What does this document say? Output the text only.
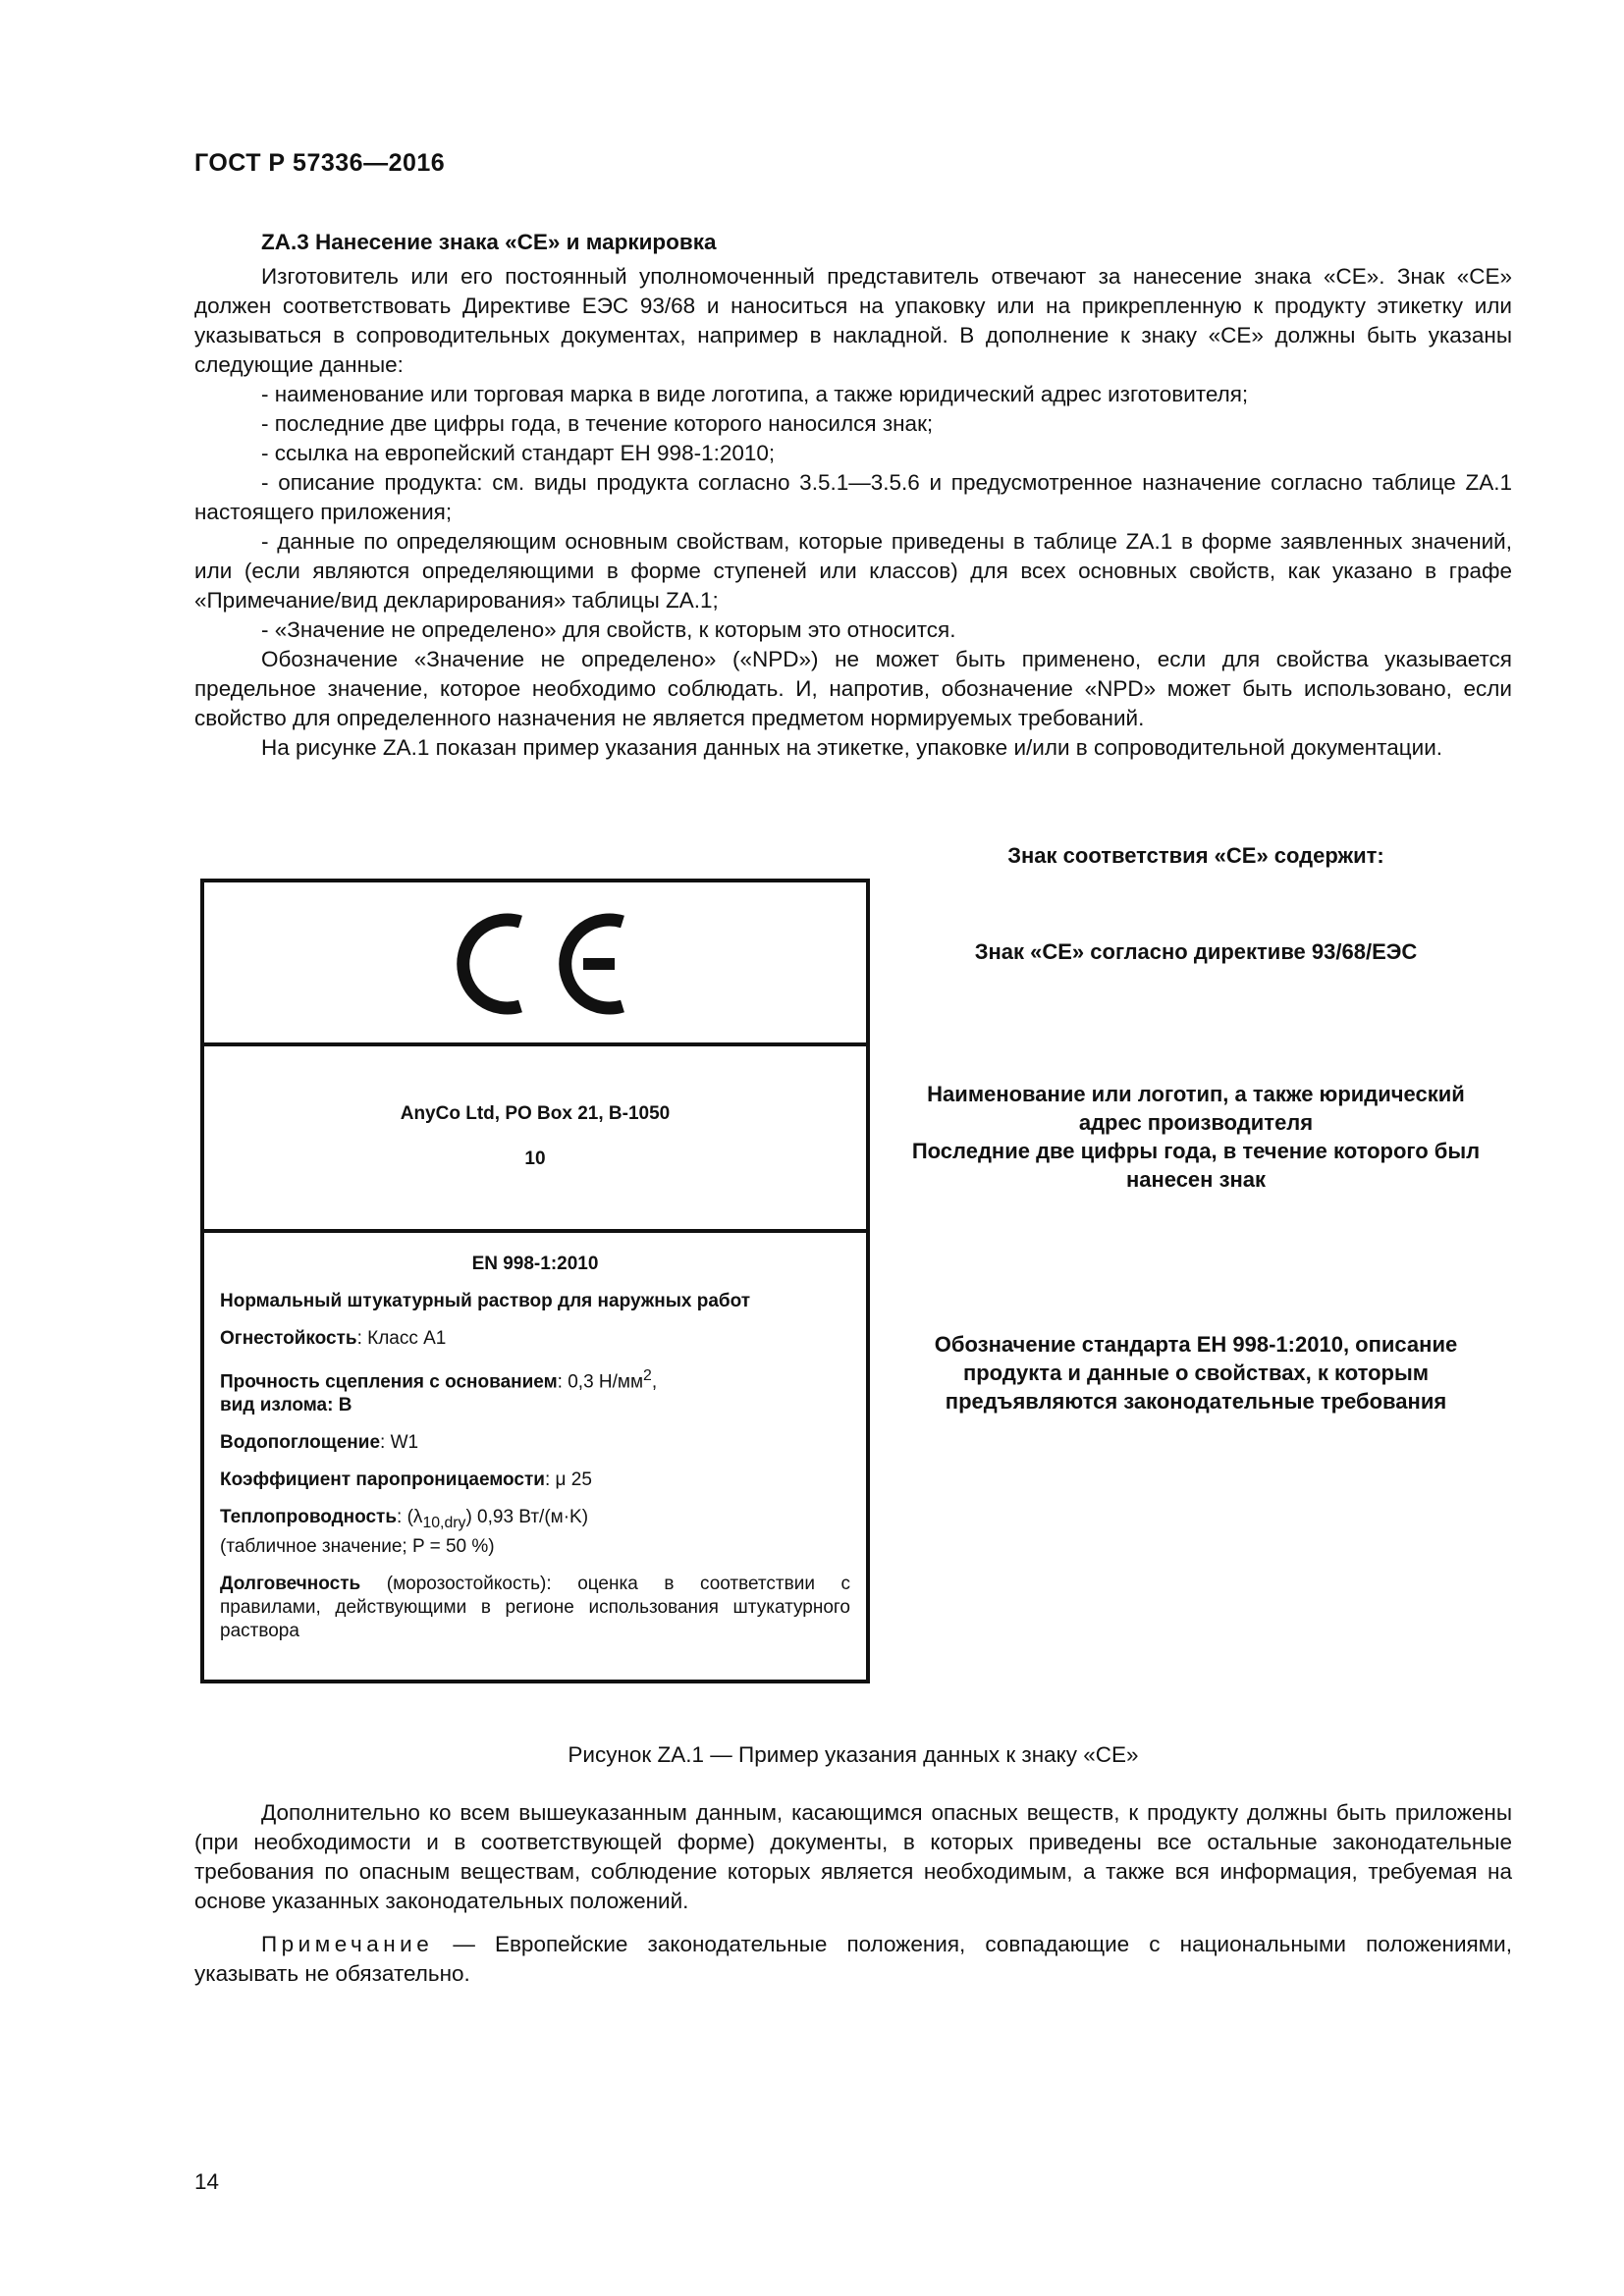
ГОСТ Р 57336—2016

ZA.3 Нанесение знака «СЕ» и маркировка

Изготовитель или его постоянный уполномоченный представитель отвечают за нанесение знака «СЕ». Знак «СЕ» должен соответствовать Директиве ЕЭС 93/68 и наноситься на упаковку или на прикрепленную к продукту этикетку или указываться в сопроводительных документах, например в накладной. В дополнение к знаку «СЕ» должны быть указаны следующие данные:

- наименование или торговая марка в виде логотипа, а также юридический адрес изготовителя;

- последние две цифры года, в течение которого наносился знак;

- ссылка на европейский стандарт ЕН 998-1:2010;

- описание продукта: см. виды продукта согласно 3.5.1—3.5.6 и предусмотренное назначение согласно таблице ZA.1 настоящего приложения;

- данные по определяющим основным свойствам, которые приведены в таблице ZA.1 в форме заявленных значений, или (если являются определяющими в форме ступеней или классов) для всех основных свойств, как указано в графе «Примечание/вид декларирования» таблицы ZA.1;

- «Значение не определено» для свойств, к которым это относится.

Обозначение «Значение не определено» («NPD») не может быть применено, если для свойства указывается предельное значение, которое необходимо соблюдать. И, напротив, обозначение «NPD» может быть использовано, если свойство для определенного назначения не является предметом нормируемых требований.

На рисунке ZA.1 показан пример указания данных на этикетке, упаковке и/или в сопроводительной документации.

Знак соответствия «СЕ» содержит:
Знак «СЕ» согласно директиве 93/68/ЕЭС
Наименование или логотип, а также юридический адрес производителя
Последние две цифры года, в течение которого был нанесен знак
Обозначение стандарта ЕН 998-1:2010, описание продукта и данные о свойствах, к которым предъявляются законодательные требования
AnyCo Ltd, PO Box 21, B-1050
10
EN 998-1:2010
Нормальный штукатурный раствор для наружных работ
Огнестойкость: Класс A1
Прочность сцепления с основанием: 0,3 $Н/мм^2$,
вид излома: B
Водопоглощение: W1
Коэффициент паропроницаемости: μ 25
Теплопроводность: $(\lambda_{10,dry})$ 0,93 Вт/(м·K)
(табличное значение; P = 50 %)
Долговечность (морозостойкость): оценка в соответствии с правилами, действующими в регионе использования штукатурного раствора
Рисунок ZA.1 — Пример указания данных к знаку «СЕ»

Дополнительно ко всем вышеуказанным данным, касающимся опасных веществ, к продукту должны быть приложены (при необходимости и в соответствующей форме) документы, в которых приведены все остальные законодательные требования по опасным веществам, соблюдение которых является необходимым, а также вся информация, требуемая на основе указанных законодательных положений.

Примечание — Европейские законодательные положения, совпадающие с национальными положениями, указывать не обязательно.

14
